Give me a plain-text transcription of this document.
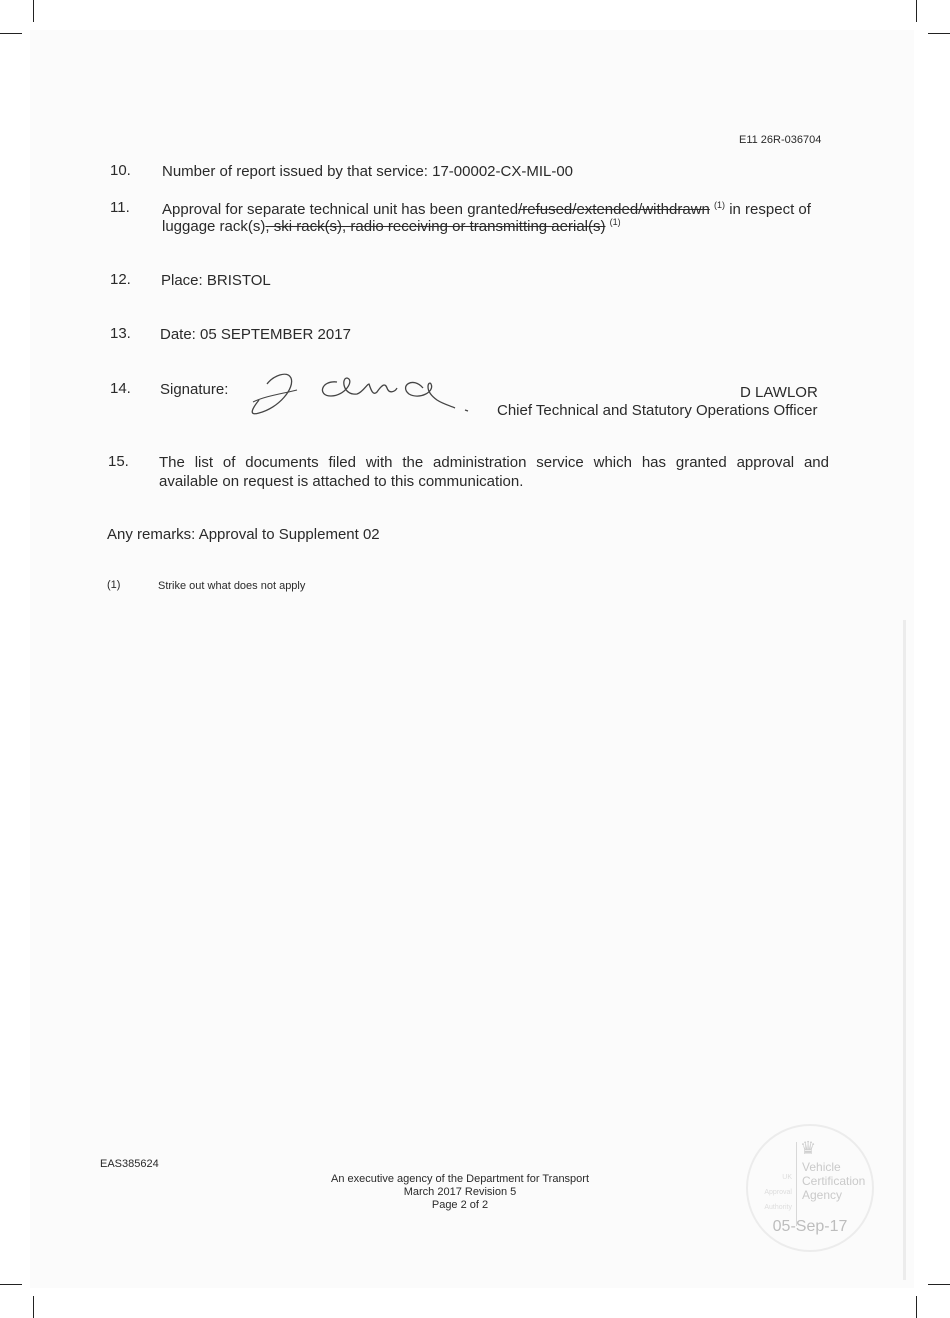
E11 26R-036704
10. Number of report issued by that service: 17-00002-CX-MIL-00
11. Approval for separate technical unit has been granted/refused/extended/withdrawn $^{(1)}$ in respect of
luggage rack(s), ski rack(s), radio receiving or transmitting aerial(s) $^{(1)}$
12. Place: BRISTOL
13. Date: 05 SEPTEMBER 2017
14. Signature:	D LAWLOR
Chief Technical and Statutory Operations Officer
15. The list of documents filed with the administration service which has granted approval and
available on request is attached to this communication.
Any remarks: Approval to Supplement 02
(1)	Strike out what does not apply
EAS385624
An executive agency of the Department for Transport
March 2017 Revision 5
Page 2 of 2
♛
UK
Approval
Authority
Vehicle
Certification
Agency
05-Sep-17
